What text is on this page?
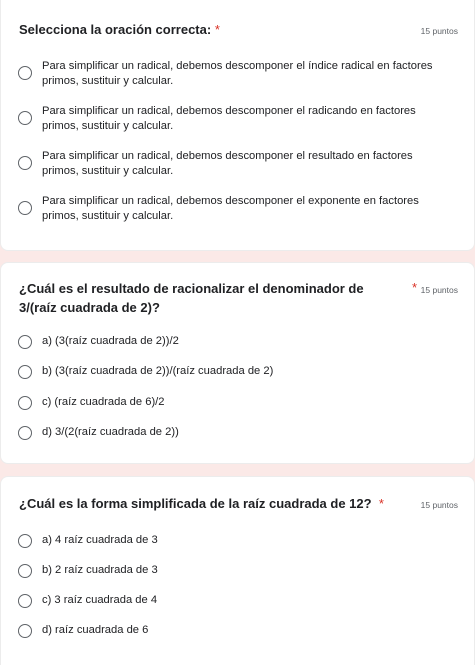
Selecciona la oración correcta: *	15 puntos
Para simplificar un radical, debemos descomponer el índice radical en factores primos, sustituir y calcular.
Para simplificar un radical, debemos descomponer el radicando en factores primos, sustituir y calcular.
Para simplificar un radical, debemos descomponer el resultado en factores primos, sustituir y calcular.
Para simplificar un radical, debemos descomponer el exponente en factores primos, sustituir y calcular.
¿Cuál es el resultado de racionalizar el denominador de 3/(raíz cuadrada de 2)?
* 15 puntos
a) (3(raíz cuadrada de 2))/2
b) (3(raíz cuadrada de 2))/(raíz cuadrada de 2)
c) (raíz cuadrada de 6)/2
d) 3/(2(raíz cuadrada de 2))
¿Cuál es la forma simplificada de la raíz cuadrada de 12? *	15 puntos
a) 4 raíz cuadrada de 3
b) 2 raíz cuadrada de 3
c) 3 raíz cuadrada de 4
d) raíz cuadrada de 6
